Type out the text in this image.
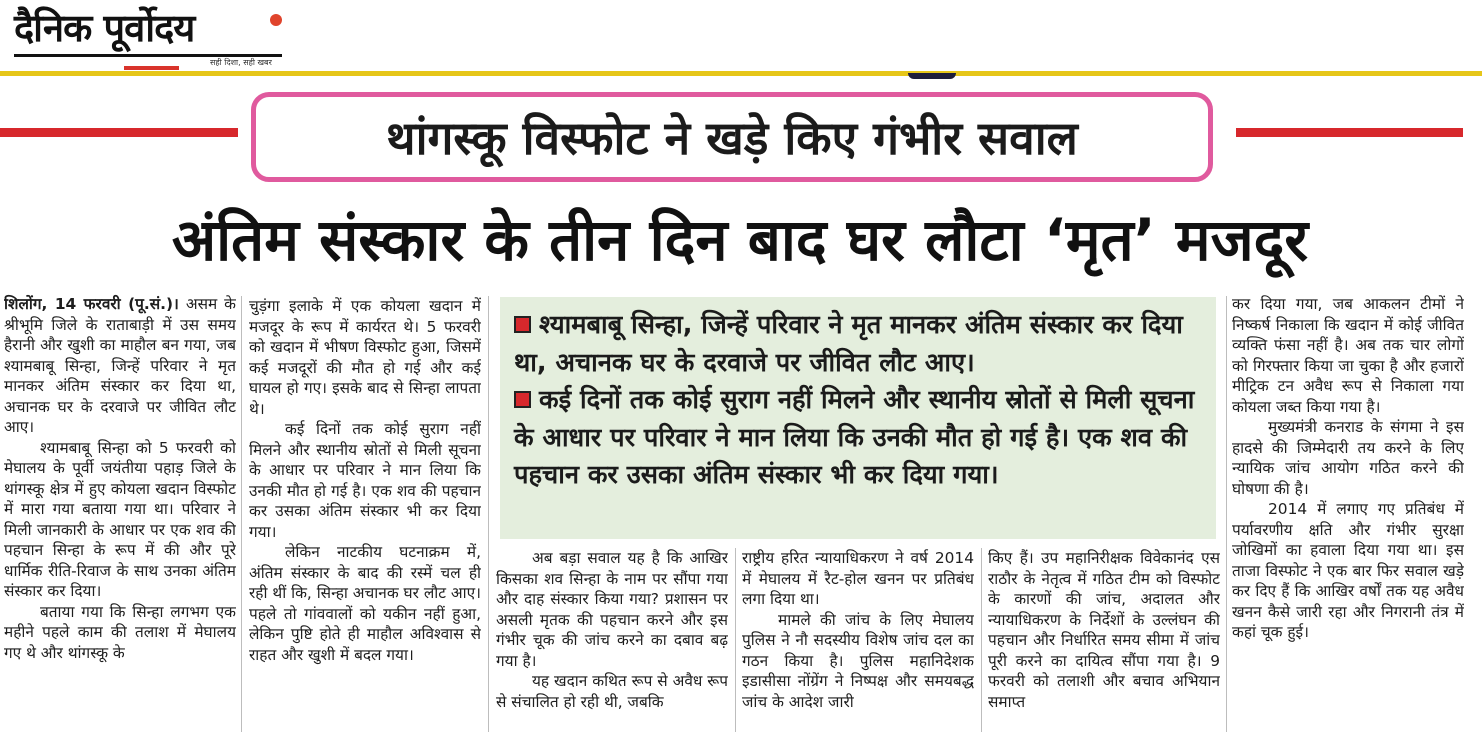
दैनिक पूर्वोदय
सही दिशा, सही खबर
थांगस्कू विस्फोट ने खड़े किए गंभीर सवाल
अंतिम संस्कार के तीन दिन बाद घर लौटा ‘मृत’ मजदूर

शिलोंग, 14 फरवरी (पू.सं.)। असम के श्रीभूमि जिले के राताबाड़ी में उस समय हैरानी और खुशी का माहौल बन गया, जब श्यामबाबू सिन्हा, जिन्हें परिवार ने मृत मानकर अंतिम संस्कार कर दिया था, अचानक घर के दरवाजे पर जीवित लौट आए।

श्यामबाबू सिन्हा को 5 फरवरी को मेघालय के पूर्वी जयंतीया पहाड़ जिले के थांगस्कू क्षेत्र में हुए कोयला खदान विस्फोट में मारा गया बताया गया था। परिवार ने मिली जानकारी के आधार पर एक शव की पहचान सिन्हा के रूप में की और पूरे धार्मिक रीति-रिवाज के साथ उनका अंतिम संस्कार कर दिया।

बताया गया कि सिन्हा लगभग एक महीने पहले काम की तलाश में मेघालय गए थे और थांगस्कू के

चुड़ंगा इलाके में एक कोयला खदान में मजदूर के रूप में कार्यरत थे। 5 फरवरी को खदान में भीषण विस्फोट हुआ, जिसमें कई मजदूरों की मौत हो गई और कई घायल हो गए। इसके बाद से सिन्हा लापता थे।

कई दिनों तक कोई सुराग नहीं मिलने और स्थानीय स्रोतों से मिली सूचना के आधार पर परिवार ने मान लिया कि उनकी मौत हो गई है। एक शव की पहचान कर उसका अंतिम संस्कार भी कर दिया गया।

लेकिन नाटकीय घटनाक्रम में, अंतिम संस्कार के बाद की रस्में चल ही रही थीं कि, सिन्हा अचानक घर लौट आए। पहले तो गांववालों को यकीन नहीं हुआ, लेकिन पुष्टि होते ही माहौल अविश्वास से राहत और खुशी में बदल गया।

श्यामबाबू सिन्हा, जिन्हें परिवार ने मृत मानकर अंतिम संस्कार कर दिया था, अचानक घर के दरवाजे पर जीवित लौट आए।
कई दिनों तक कोई सुराग नहीं मिलने और स्थानीय स्रोतों से मिली सूचना के आधार पर परिवार ने मान लिया कि उनकी मौत हो गई है। एक शव की पहचान कर उसका अंतिम संस्कार भी कर दिया गया।

अब बड़ा सवाल यह है कि आखिर किसका शव सिन्हा के नाम पर सौंपा गया और दाह संस्कार किया गया? प्रशासन पर असली मृतक की पहचान करने और इस गंभीर चूक की जांच करने का दबाव बढ़ गया है।

यह खदान कथित रूप से अवैध रूप से संचालित हो रही थी, जबकि

राष्ट्रीय हरित न्यायाधिकरण ने वर्ष 2014 में मेघालय में रैट-होल खनन पर प्रतिबंध लगा दिया था।

मामले की जांच के लिए मेघालय पुलिस ने नौ सदस्यीय विशेष जांच दल का गठन किया है। पुलिस महानिदेशक इडासीसा नोंग्रेंग ने निष्पक्ष और समयबद्ध जांच के आदेश जारी

किए हैं। उप महानिरीक्षक विवेकानंद एस राठौर के नेतृत्व में गठित टीम को विस्फोट के कारणों की जांच, अदालत और न्यायाधिकरण के निर्देशों के उल्लंघन की पहचान और निर्धारित समय सीमा में जांच पूरी करने का दायित्व सौंपा गया है। 9 फरवरी को तलाशी और बचाव अभियान समाप्त

कर दिया गया, जब आकलन टीमों ने निष्कर्ष निकाला कि खदान में कोई जीवित व्यक्ति फंसा नहीं है। अब तक चार लोगों को गिरफ्तार किया जा चुका है और हजारों मीट्रिक टन अवैध रूप से निकाला गया कोयला जब्त किया गया है।

मुख्यमंत्री कनराड के संगमा ने इस हादसे की जिम्मेदारी तय करने के लिए न्यायिक जांच आयोग गठित करने की घोषणा की है।

2014 में लगाए गए प्रतिबंध में पर्यावरणीय क्षति और गंभीर सुरक्षा जोखिमों का हवाला दिया गया था। इस ताजा विस्फोट ने एक बार फिर सवाल खड़े कर दिए हैं कि आखिर वर्षों तक यह अवैध खनन कैसे जारी रहा और निगरानी तंत्र में कहां चूक हुई।
